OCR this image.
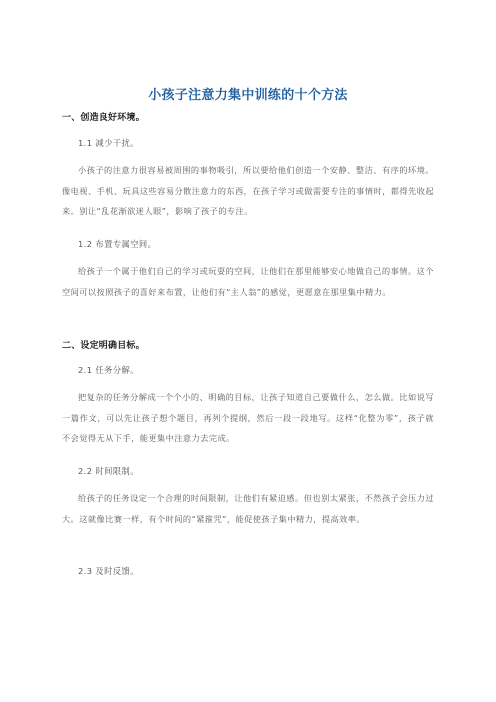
小孩子注意力集中训练的十个方法
一、创造良好环境。
1.1 减少干扰。
小孩子的注意力很容易被周围的事物吸引，所以要给他们创造一个安静、整洁、有序的环境。像电视、手机、玩具这些容易分散注意力的东西，在孩子学习或做需要专注的事情时，都得先收起来。别让“乱花渐欲迷人眼”，影响了孩子的专注。
1.2 布置专属空间。
给孩子一个属于他们自己的学习或玩耍的空间，让他们在那里能够安心地做自己的事情。这个空间可以按照孩子的喜好来布置，让他们有“主人翁”的感觉，更愿意在那里集中精力。
二、设定明确目标。
2.1 任务分解。
把复杂的任务分解成一个个小的、明确的目标，让孩子知道自己要做什么，怎么做。比如说写一篇作文，可以先让孩子想个题目，再列个提纲，然后一段一段地写。这样“化整为零”，孩子就不会觉得无从下手，能更集中注意力去完成。
2.2 时间限制。
给孩子的任务设定一个合理的时间限制，让他们有紧迫感。但也别太紧张，不然孩子会压力过大。这就像比赛一样，有个时间的“紧箍咒”，能促使孩子集中精力，提高效率。
2.3 及时反馈。
